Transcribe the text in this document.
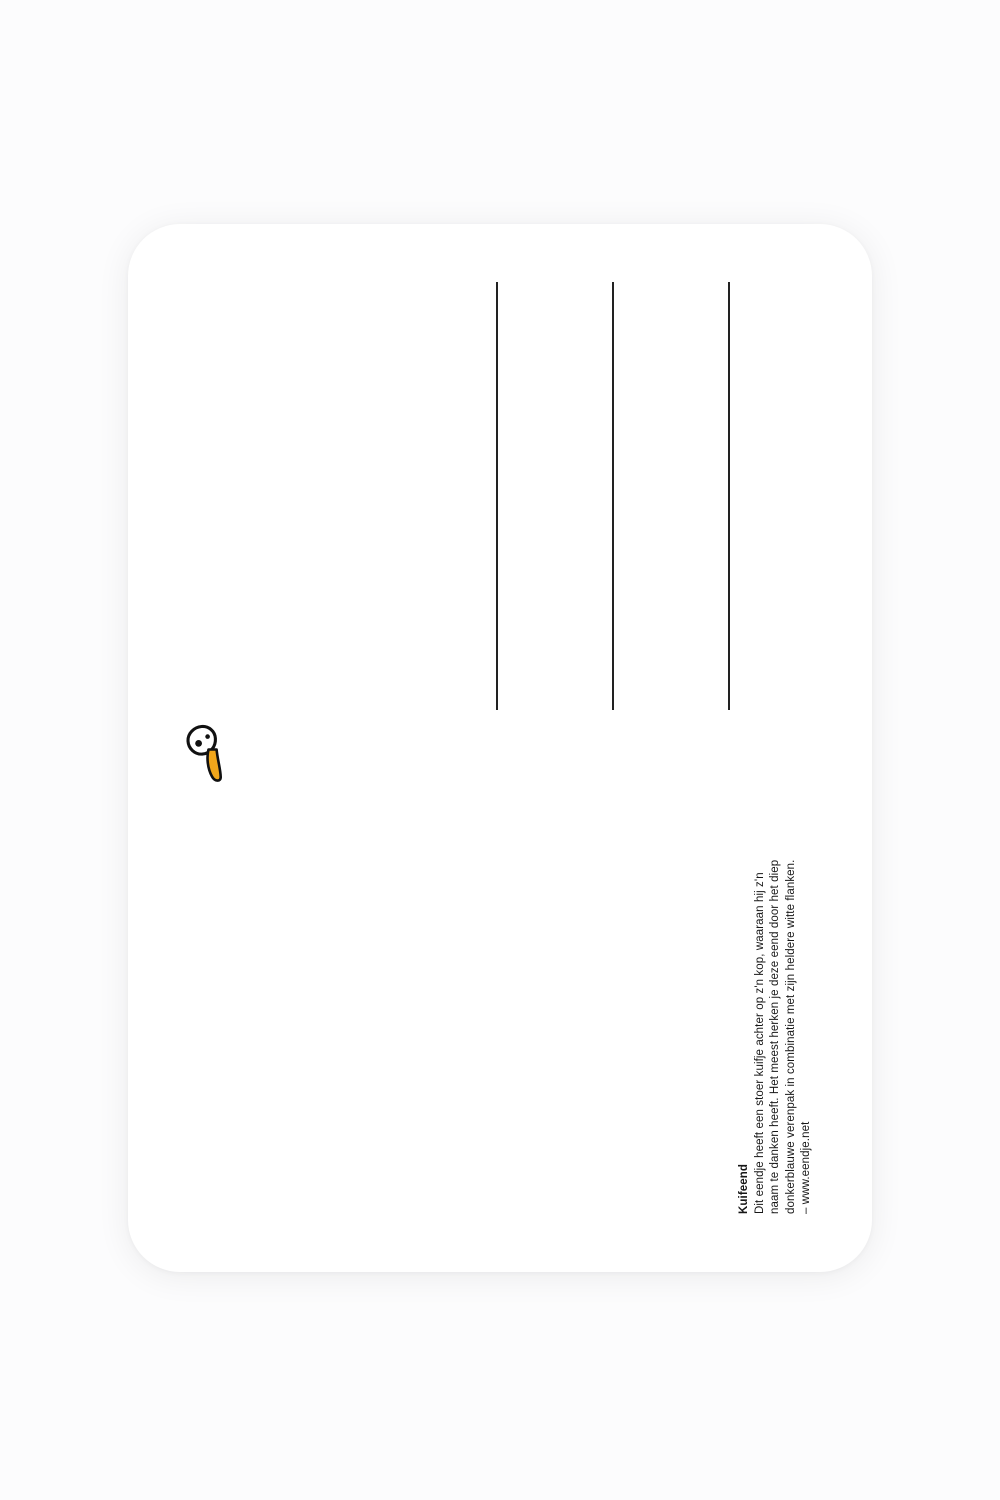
Kuifeend Dit eendje heeft een stoer kuifje achter op z'n kop, waaraan hij z'n naam te danken heeft. Het meest herken je deze eend door het diep donkerblauwe verenpak in combinatie met zijn heldere witte flanken. – www.eendje.net
